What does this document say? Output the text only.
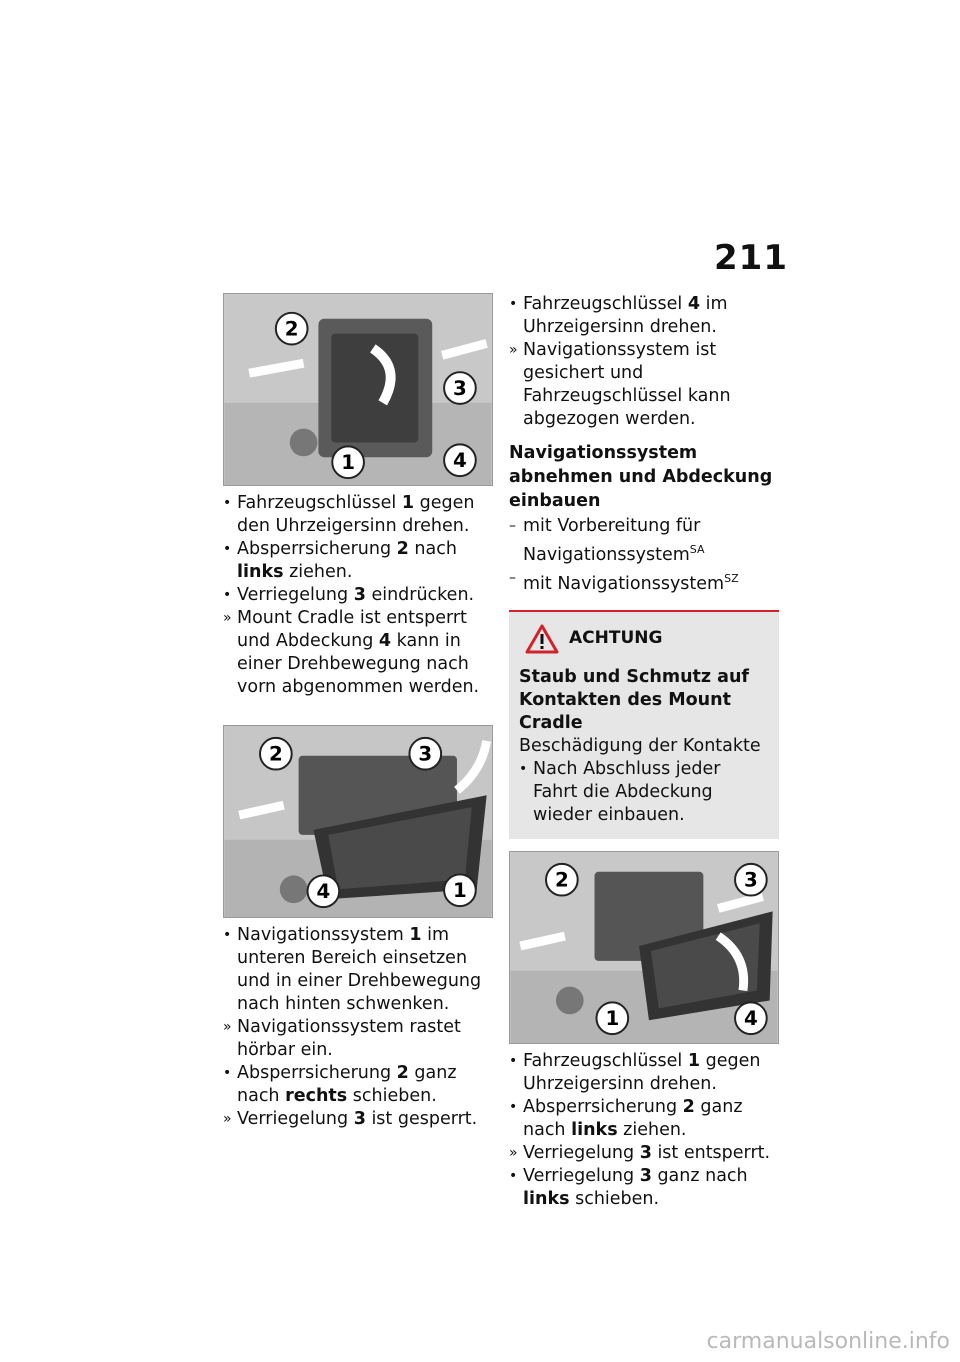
211
2
3
1	4
• Fahrzeugschlüssel 1 gegen den Uhrzeigersinn drehen.
• Absperrsicherung 2 nach links ziehen.
• Verriegelung 3 eindrücken.
» Mount Cradle ist entsperrt und Abdeckung 4 kann in einer Drehbewegung nach vorn abgenommen werden.
2	3
4	1
• Navigationssystem 1 im unteren Bereich einsetzen und in einer Drehbewegung nach hinten schwenken.
» Navigationssystem rastet hörbar ein.
• Absperrsicherung 2 ganz nach rechts schieben.
» Verriegelung 3 ist gesperrt.
• Fahrzeugschlüssel 4 im Uhrzeigersinn drehen.
» Navigationssystem ist gesichert und Fahrzeugschlüssel kann abgezogen werden.
Navigationssystem abnehmen und Abdeckung einbauen
– mit Vorbereitung für Navigationssystem$^{SA}$
– mit Navigationssystem$^{SZ}$
ACHTUNG
Staub und Schmutz auf Kontakten des Mount Cradle
Beschädigung der Kontakte
• Nach Abschluss jeder Fahrt die Abdeckung wieder einbauen.
2	3
1	4
• Fahrzeugschlüssel 1 gegen Uhrzeigersinn drehen.
• Absperrsicherung 2 ganz nach links ziehen.
» Verriegelung 3 ist entsperrt.
• Verriegelung 3 ganz nach links schieben.
carmanualsonline.info
